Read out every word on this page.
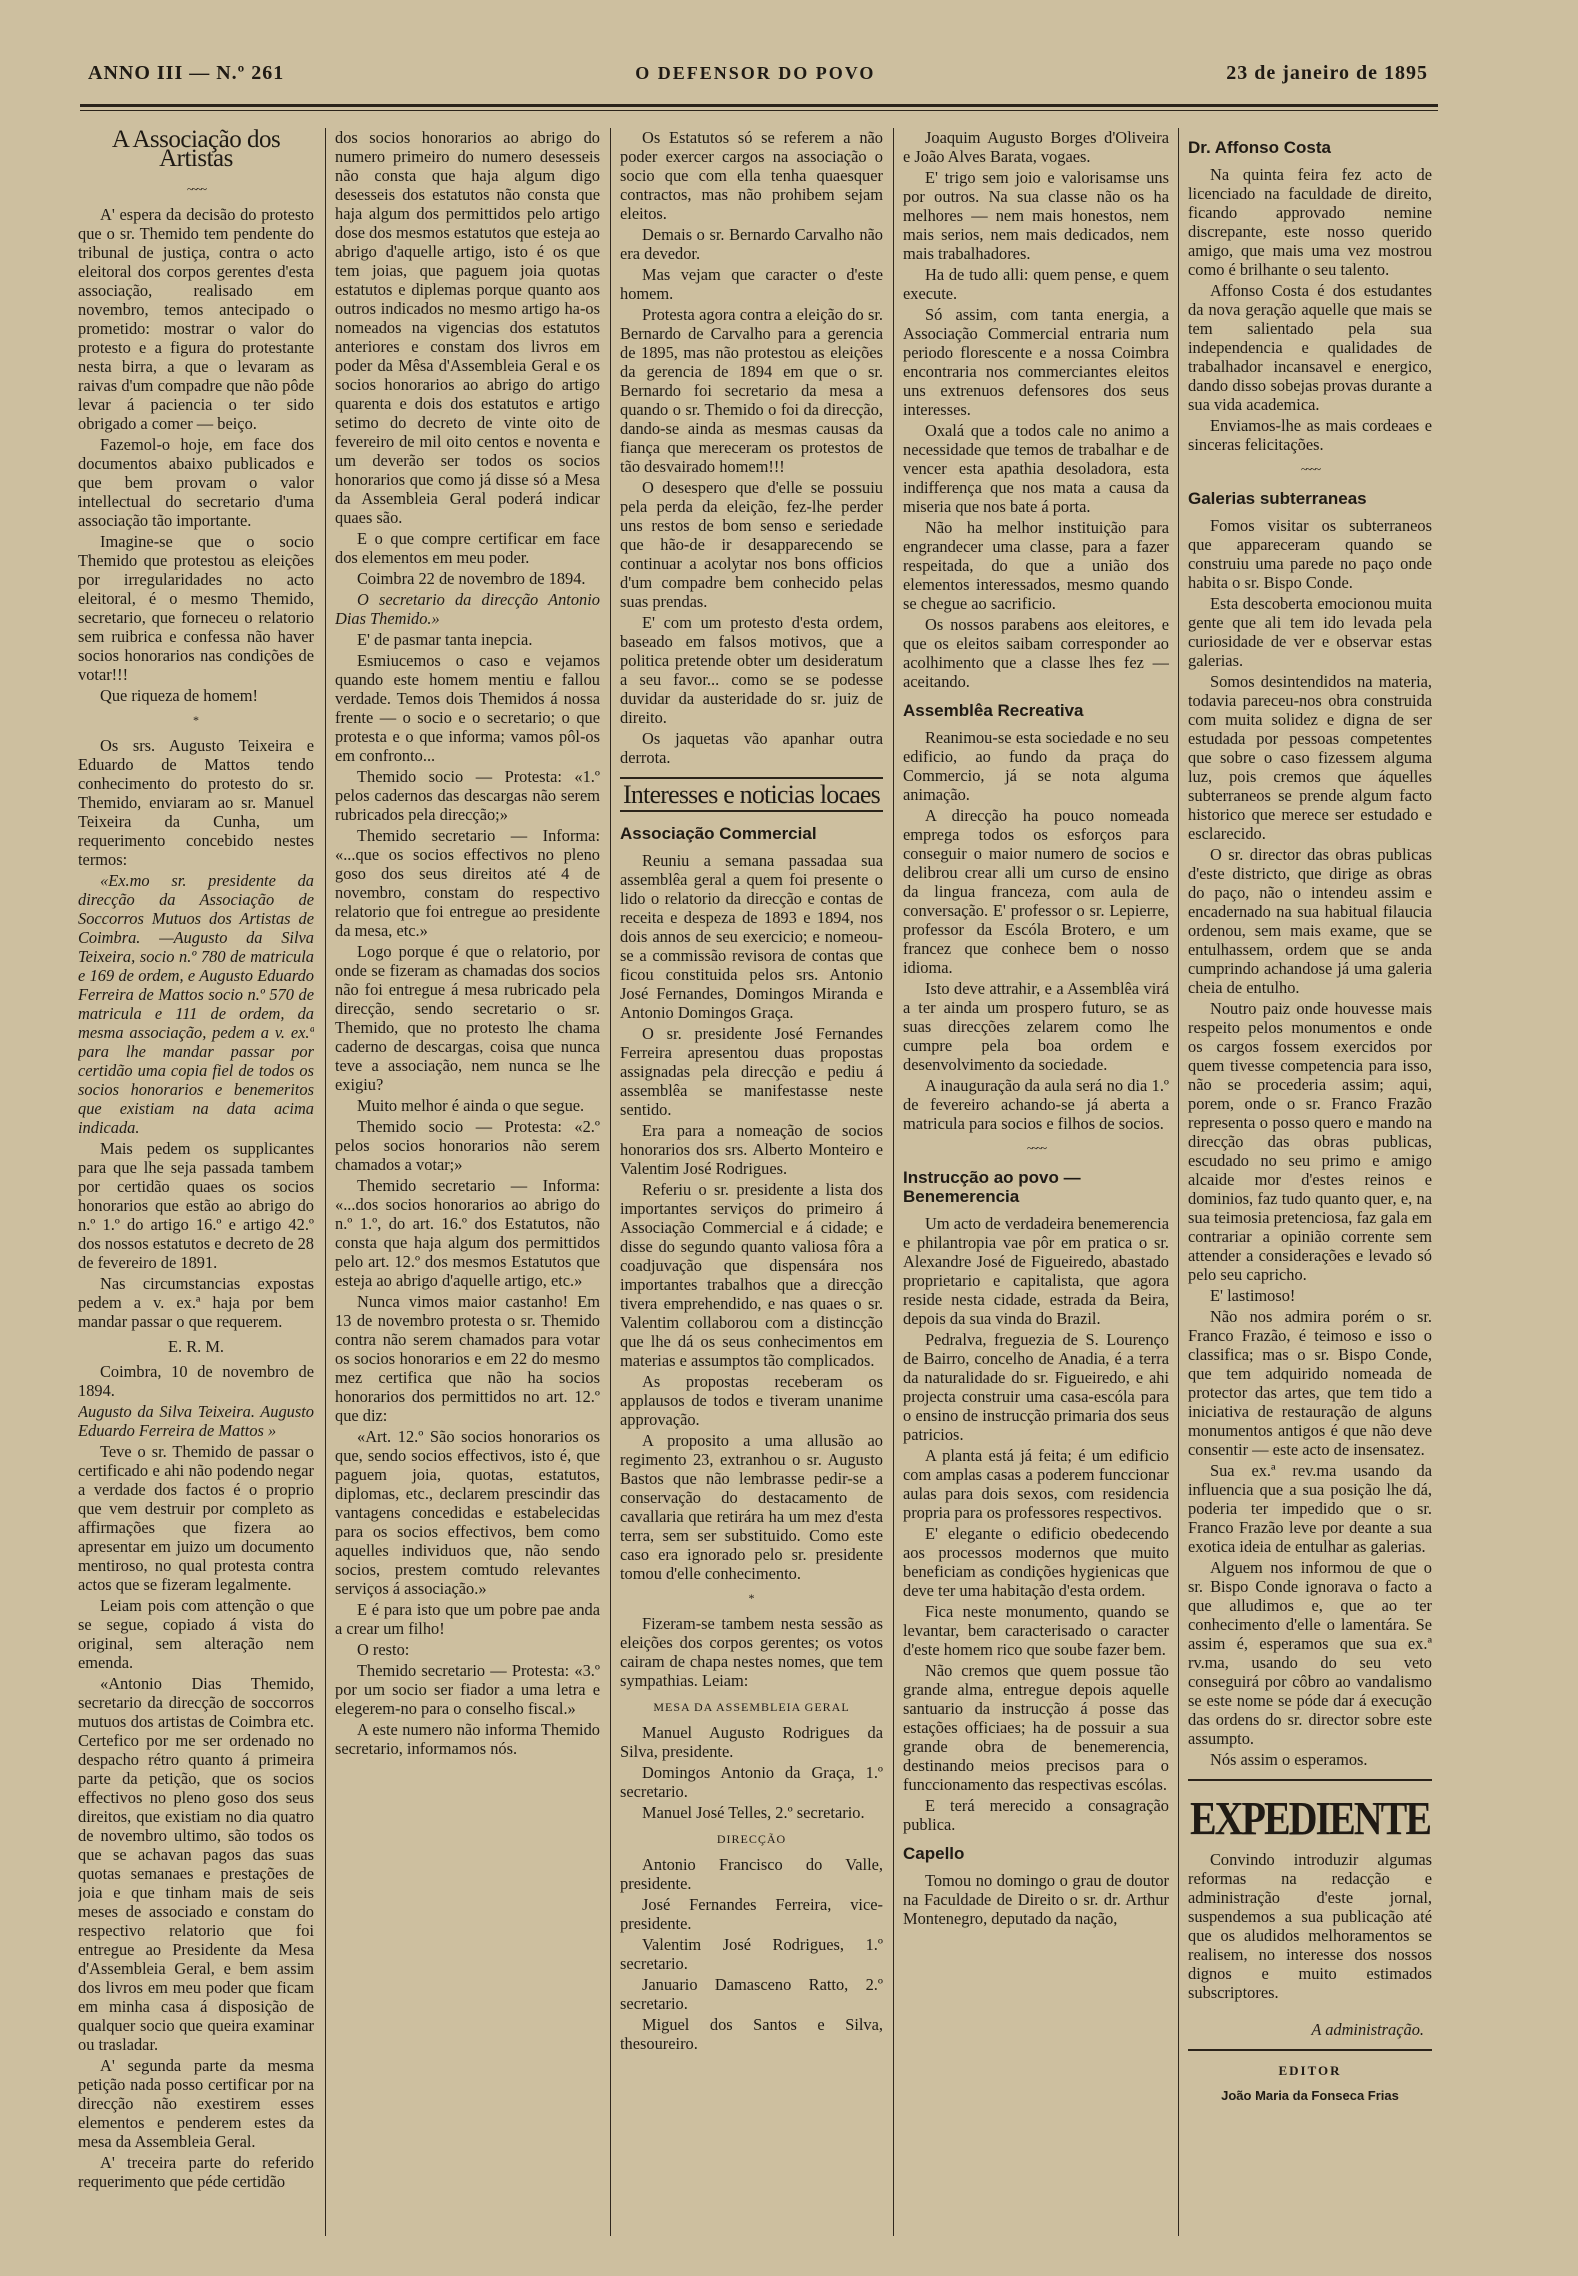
ANNO III — N.º 261	O DEFENSOR DO POVO	23 de janeiro de 1895
A Associação dos Artistas
~~~~

A' espera da decisão do protesto que o sr. Themido tem pendente do tribunal de justiça, contra o acto eleitoral dos corpos gerentes d'esta associação, realisado em novembro, temos antecipado o prometido: mostrar o valor do protesto e a figura do protestante nesta birra, a que o levaram as raivas d'um compadre que não pôde levar á paciencia o ter sido obrigado a comer — beiço.

Fazemol-o hoje, em face dos documentos abaixo publicados e que bem provam o valor intellectual do secretario d'uma associação tão importante.

Imagine-se que o socio Themido que protestou as eleições por irregularidades no acto eleitoral, é o mesmo Themido, secretario, que forneceu o relatorio sem ruibrica e confessa não haver socios honorarios nas condições de votar!!!

Que riqueza de homem!

*

Os srs. Augusto Teixeira e Eduardo de Mattos tendo conhecimento do protesto do sr. Themido, enviaram ao sr. Manuel Teixeira da Cunha, um requerimento concebido nestes termos:

«Ex.mo sr. presidente da direcção da Associação de Soccorros Mutuos dos Artistas de Coimbra. —Augusto da Silva Teixeira, socio n.º 780 de matricula e 169 de ordem, e Augusto Eduardo Ferreira de Mattos socio n.º 570 de matricula e 111 de ordem, da mesma associação, pedem a v. ex.ª para lhe mandar passar por certidão uma copia fiel de todos os socios honorarios e benemeritos que existiam na data acima indicada.

Mais pedem os supplicantes para que lhe seja passada tambem por certidão quaes os socios honorarios que estão ao abrigo do n.º 1.º do artigo 16.º e artigo 42.º dos nossos estatutos e decreto de 28 de fevereiro de 1891.

Nas circumstancias expostas pedem a v. ex.ª haja por bem mandar passar o que requerem.

E. R. M.

Coimbra, 10 de novembro de 1894.

Augusto da Silva Teixeira. Augusto Eduardo Ferreira de Mattos »

Teve o sr. Themido de passar o certificado e ahi não podendo negar a verdade dos factos é o proprio que vem destruir por completo as affirmações que fizera ao apresentar em juizo um documento mentiroso, no qual protesta contra actos que se fizeram legalmente.

Leiam pois com attenção o que se segue, copiado á vista do original, sem alteração nem emenda.

«Antonio Dias Themido, secretario da direcção de soccorros mutuos dos artistas de Coimbra etc. Certefico por me ser ordenado no despacho rétro quanto á primeira parte da petição, que os socios effectivos no pleno goso dos seus direitos, que existiam no dia quatro de novembro ultimo, são todos os que se achavan pagos das suas quotas semanaes e prestações de joia e que tinham mais de seis meses de associado e constam do respectivo relatorio que foi entregue ao Presidente da Mesa d'Assembleia Geral, e bem assim dos livros em meu poder que ficam em minha casa á disposição de qualquer socio que queira examinar ou trasladar.

A' segunda parte da mesma petição nada posso certificar por na direcção não exestirem esses elementos e penderem estes da mesa da Assembleia Geral.

A' treceira parte do referido requerimento que péde certidão

dos socios honorarios ao abrigo do numero primeiro do numero desesseis não consta que haja algum digo desesseis dos estatutos não consta que haja algum dos permittidos pelo artigo dose dos mesmos estatutos que esteja ao abrigo d'aquelle artigo, isto é os que tem joias, que paguem joia quotas estatutos e diplemas porque quanto aos outros indicados no mesmo artigo ha-os nomeados na vigencias dos estatutos anteriores e constam dos livros em poder da Mêsa d'Assembleia Geral e os socios honorarios ao abrigo do artigo quarenta e dois dos estatutos e artigo setimo do decreto de vinte oito de fevereiro de mil oito centos e noventa e um deverão ser todos os socios honorarios que como já disse só a Mesa da Assembleia Geral poderá indicar quaes são.

E o que compre certificar em face dos elementos em meu poder.

Coimbra 22 de novembro de 1894.

O secretario da direcção Antonio Dias Themido.»

E' de pasmar tanta inepcia.

Esmiucemos o caso e vejamos quando este homem mentiu e fallou verdade. Temos dois Themidos á nossa frente — o socio e o secretario; o que protesta e o que informa; vamos pôl-os em confronto...

Themido socio — Protesta: «1.º pelos cadernos das descargas não serem rubricados pela direcção;»

Themido secretario — Informa: «...que os socios effectivos no pleno goso dos seus direitos até 4 de novembro, constam do respectivo relatorio que foi entregue ao presidente da mesa, etc.»

Logo porque é que o relatorio, por onde se fizeram as chamadas dos socios não foi entregue á mesa rubricado pela direcção, sendo secretario o sr. Themido, que no protesto lhe chama caderno de descargas, coisa que nunca teve a associação, nem nunca se lhe exigiu?

Muito melhor é ainda o que segue.

Themido socio — Protesta: «2.º pelos socios honorarios não serem chamados a votar;»

Themido secretario — Informa: «...dos socios honorarios ao abrigo do n.º 1.º, do art. 16.º dos Estatutos, não consta que haja algum dos permittidos pelo art. 12.º dos mesmos Estatutos que esteja ao abrigo d'aquelle artigo, etc.»

Nunca vimos maior castanho! Em 13 de novembro protesta o sr. Themido contra não serem chamados para votar os socios honorarios e em 22 do mesmo mez certifica que não ha socios honorarios dos permittidos no art. 12.º que diz:

«Art. 12.º São socios honorarios os que, sendo socios effectivos, isto é, que paguem joia, quotas, estatutos, diplomas, etc., declarem prescindir das vantagens concedidas e estabelecidas para os socios effectivos, bem como aquelles individuos que, não sendo socios, prestem comtudo relevantes serviços á associação.»

E é para isto que um pobre pae anda a crear um filho!

O resto:

Themido secretario — Protesta: «3.º por um socio ser fiador a uma letra e elegerem-no para o conselho fiscal.»

A este numero não informa Themido secretario, informamos nós.

Os Estatutos só se referem a não poder exercer cargos na associação o socio que com ella tenha quaesquer contractos, mas não prohibem sejam eleitos.

Demais o sr. Bernardo Carvalho não era devedor.

Mas vejam que caracter o d'este homem.

Protesta agora contra a eleição do sr. Bernardo de Carvalho para a gerencia de 1895, mas não protestou as eleições da gerencia de 1894 em que o sr. Bernardo foi secretario da mesa a quando o sr. Themido o foi da direcção, dando-se ainda as mesmas causas da fiança que mereceram os protestos de tão desvairado homem!!!

O desespero que d'elle se possuiu pela perda da eleição, fez-lhe perder uns restos de bom senso e seriedade que hão-de ir desapparecendo se continuar a acolytar nos bons officios d'um compadre bem conhecido pelas suas prendas.

E' com um protesto d'esta ordem, baseado em falsos motivos, que a politica pretende obter um desideratum a seu favor... como se se podesse duvidar da austeridade do sr. juiz de direito.

Os jaquetas vão apanhar outra derrota.

Interesses e noticias locaes
Associação Commercial

Reuniu a semana passadaa sua assemblêa geral a quem foi presente o lido o relatorio da direcção e contas de receita e despeza de 1893 e 1894, nos dois annos de seu exercicio; e nomeou-se a commissão revisora de contas que ficou constituida pelos srs. Antonio José Fernandes, Domingos Miranda e Antonio Domingos Graça.

O sr. presidente José Fernandes Ferreira apresentou duas propostas assignadas pela direcção e pediu á assemblêa se manifestasse neste sentido.

Era para a nomeação de socios honorarios dos srs. Alberto Monteiro e Valentim José Rodrigues.

Referiu o sr. presidente a lista dos importantes serviços do primeiro á Associação Commercial e á cidade; e disse do segundo quanto valiosa fôra a coadjuvação que dispensára nos importantes trabalhos que a direcção tivera emprehendido, e nas quaes o sr. Valentim collaborou com a distincção que lhe dá os seus conhecimentos em materias e assumptos tão complicados.

As propostas receberam os applausos de todos e tiveram unanime approvação.

A proposito a uma allusão ao regimento 23, extranhou o sr. Augusto Bastos que não lembrasse pedir-se a conservação do destacamento de cavallaria que retirára ha um mez d'esta terra, sem ser substituido. Como este caso era ignorado pelo sr. presidente tomou d'elle conhecimento.

*

Fizeram-se tambem nesta sessão as eleições dos corpos gerentes; os votos cairam de chapa nestes nomes, que tem sympathias. Leiam:

MESA DA ASSEMBLEIA GERAL

Manuel Augusto Rodrigues da Silva, presidente.

Domingos Antonio da Graça, 1.º secretario.

Manuel José Telles, 2.º secretario.

DIRECÇÃO

Antonio Francisco do Valle, presidente.

José Fernandes Ferreira, vice-presidente.

Valentim José Rodrigues, 1.º secretario.

Januario Damasceno Ratto, 2.º secretario.

Miguel dos Santos e Silva, thesoureiro.

Joaquim Augusto Borges d'Oliveira e João Alves Barata, vogaes.

E' trigo sem joio e valorisamse uns por outros. Na sua classe não os ha melhores — nem mais honestos, nem mais serios, nem mais dedicados, nem mais trabalhadores.

Ha de tudo alli: quem pense, e quem execute.

Só assim, com tanta energia, a Associação Commercial entraria num periodo florescente e a nossa Coimbra encontraria nos commerciantes eleitos uns extrenuos defensores dos seus interesses.

Oxalá que a todos cale no animo a necessidade que temos de trabalhar e de vencer esta apathia desoladora, esta indifferença que nos mata a causa da miseria que nos bate á porta.

Não ha melhor instituição para engrandecer uma classe, para a fazer respeitada, do que a união dos elementos interessados, mesmo quando se chegue ao sacrificio.

Os nossos parabens aos eleitores, e que os eleitos saibam corresponder ao acolhimento que a classe lhes fez — aceitando.

Assemblêa Recreativa

Reanimou-se esta sociedade e no seu edificio, ao fundo da praça do Commercio, já se nota alguma animação.

A direcção ha pouco nomeada emprega todos os esforços para conseguir o maior numero de socios e delibrou crear alli um curso de ensino da lingua franceza, com aula de conversação. E' professor o sr. Lepierre, professor da Escóla Brotero, e um francez que conhece bem o nosso idioma.

Isto deve attrahir, e a Assemblêa virá a ter ainda um prospero futuro, se as suas direcções zelarem como lhe cumpre pela boa ordem e desenvolvimento da sociedade.

A inauguração da aula será no dia 1.º de fevereiro achando-se já aberta a matricula para socios e filhos de socios.

~~~~
Instrucção ao povo — Benemerencia

Um acto de verdadeira benemerencia e philantropia vae pôr em pratica o sr. Alexandre José de Figueiredo, abastado proprietario e capitalista, que agora reside nesta cidade, estrada da Beira, depois da sua vinda do Brazil.

Pedralva, freguezia de S. Lourenço de Bairro, concelho de Anadia, é a terra da naturalidade do sr. Figueiredo, e ahi projecta construir uma casa-escóla para o ensino de instrucção primaria dos seus patricios.

A planta está já feita; é um edificio com amplas casas a poderem funccionar aulas para dois sexos, com residencia propria para os professores respectivos.

E' elegante o edificio obedecendo aos processos modernos que muito beneficiam as condições hygienicas que deve ter uma habitação d'esta ordem.

Fica neste monumento, quando se levantar, bem caracterisado o caracter d'este homem rico que soube fazer bem.

Não cremos que quem possue tão grande alma, entregue depois aquelle santuario da instrucção á posse das estações officiaes; ha de possuir a sua grande obra de benemerencia, destinando meios precisos para o funccionamento das respectivas escólas.

E terá merecido a consagração publica.

Capello

Tomou no domingo o grau de doutor na Faculdade de Direito o sr. dr. Arthur Montenegro, deputado da nação,

Dr. Affonso Costa

Na quinta feira fez acto de licenciado na faculdade de direito, ficando approvado nemine discrepante, este nosso querido amigo, que mais uma vez mostrou como é brilhante o seu talento.

Affonso Costa é dos estudantes da nova geração aquelle que mais se tem salientado pela sua independencia e qualidades de trabalhador incansavel e energico, dando disso sobejas provas durante a sua vida academica.

Enviamos-lhe as mais cordeaes e sinceras felicitações.

~~~~
Galerias subterraneas

Fomos visitar os subterraneos que appareceram quando se construiu uma parede no paço onde habita o sr. Bispo Conde.

Esta descoberta emocionou muita gente que ali tem ido levada pela curiosidade de ver e observar estas galerias.

Somos desintendidos na materia, todavia pareceu-nos obra construida com muita solidez e digna de ser estudada por pessoas competentes que sobre o caso fizessem alguma luz, pois cremos que áquelles subterraneos se prende algum facto historico que merece ser estudado e esclarecido.

O sr. director das obras publicas d'este districto, que dirige as obras do paço, não o intendeu assim e encadernado na sua habitual filaucia ordenou, sem mais exame, que se entulhassem, ordem que se anda cumprindo achandose já uma galeria cheia de entulho.

Noutro paiz onde houvesse mais respeito pelos monumentos e onde os cargos fossem exercidos por quem tivesse competencia para isso, não se procederia assim; aqui, porem, onde o sr. Franco Frazão representa o posso quero e mando na direcção das obras publicas, escudado no seu primo e amigo alcaide mor d'estes reinos e dominios, faz tudo quanto quer, e, na sua teimosia pretenciosa, faz gala em contrariar a opinião corrente sem attender a considerações e levado só pelo seu capricho.

E' lastimoso!

Não nos admira porém o sr. Franco Frazão, é teimoso e isso o classifica; mas o sr. Bispo Conde, que tem adquirido nomeada de protector das artes, que tem tido a iniciativa de restauração de alguns monumentos antigos é que não deve consentir — este acto de insensatez.

Sua ex.ª rev.ma usando da influencia que a sua posição lhe dá, poderia ter impedido que o sr. Franco Frazão leve por deante a sua exotica ideia de entulhar as galerias.

Alguem nos informou de que o sr. Bispo Conde ignorava o facto a que alludimos e, que ao ter conhecimento d'elle o lamentára. Se assim é, esperamos que sua ex.ª rv.ma, usando do seu veto conseguirá por côbro ao vandalismo se este nome se póde dar á execução das ordens do sr. director sobre este assumpto.

Nós assim o esperamos.

EXPEDIENTE

Convindo introduzir algumas reformas na redacção e administração d'este jornal, suspendemos a sua publicação até que os aludidos melhoramentos se realisem, no interesse dos nossos dignos e muito estimados subscriptores.

A administração.
EDITOR
João Maria da Fonseca Frias
